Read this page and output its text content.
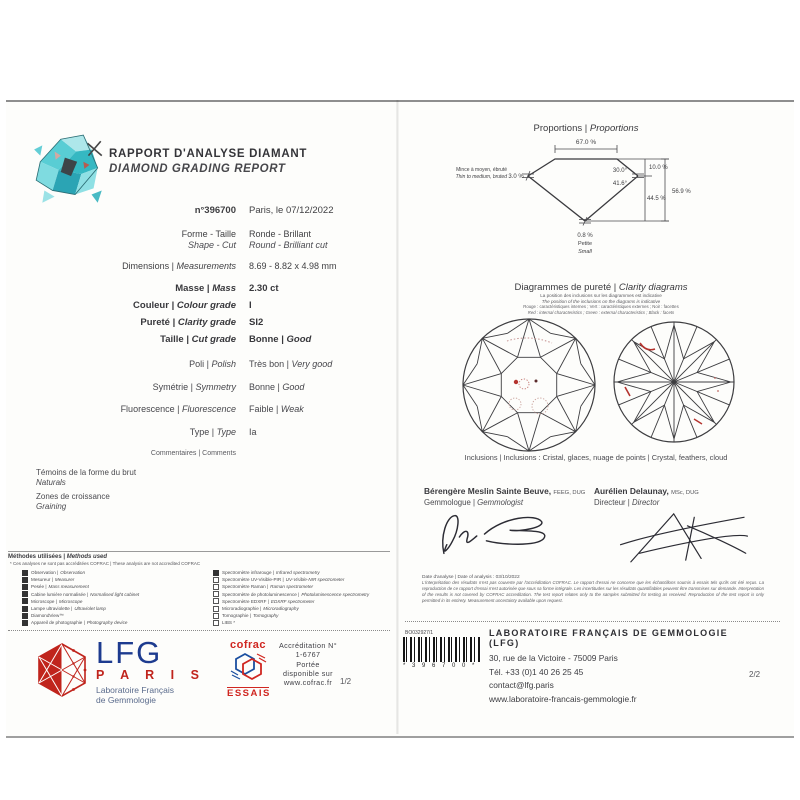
RAPPORT D'ANALYSE DIAMANT
DIAMOND GRADING REPORT
n°396700 Paris, le 07/12/2022
Forme - Taille
Shape - Cut
Ronde - Brillant
Round - Brilliant cut
Dimensions | Measurements 8.69 - 8.82 x 4.98 mm
Masse | Mass 2.30 ct
Couleur | Colour grade I
Pureté | Clarity grade SI2
Taille | Cut grade Bonne | Good
Poli | Polish Très bon | Very good
Symétrie | Symmetry Bonne | Good
Fluorescence | Fluorescence Faible | Weak
Type | Type Ia
Commentaires | Comments
Témoins de la forme du brut
Naturals
Zones de croissance
Graining
Méthodes utilisées | Methods used
* Ces analyses ne sont pas accréditées COFRAC | These analysis are not accredited COFRAC
Observation
| Observation
Mesureur
| Measurer
Pesée
| Mass measurement
Cabine lumière normalisée
| Normalised light cabinet
Microscope
| Microscope
Lampe ultraviolette
| Ultraviolet lamp
DiamondView™

Appareil de photographie
| Photography device
Spectromètre infrarouge
| Infrared spectrometry
Spectromètre UV-Visible-PIR
| UV-Visible-NIR spectrometer
Spectromètre Raman
| Raman spectrometer
Spectromètre de photoluminescence
| Photoluminescence spectrometry
Spectromètre EDXRF
| EDXRF spectrometer
Microradiographie
| Microradiography
Tomographie
| Tomography
LIBS *

LFG
P A R I S
Laboratoire Français
de Gemmologie
cofrac
ESSAIS
Accréditation N°
1-6767
Portée
disponible sur
www.cofrac.fr 1/2
Proportions | Proportions
67.0 %
30.0°
41.6°
10.0 %
44.5 %
56.9 %
Mince à moyen, ébruté
Thin to medium, bruted 3.0 %
0.8 %
Petite
Small
Diagrammes de pureté | Clarity diagrams
La position des inclusions sur les diagrammes est indicative
The position of the inclusions on the diagrams is indicative
Rouge : caractéristiques internes ; Vert : caractéristiques externes ; Noir : facettes
Red : internal characteristics ; Green : external characteristics ; Black : facets
Inclusions | Inclusions : Cristal, glaces, nuage de points | Crystal, feathers, cloud
Bérengère Meslin Sainte Beuve, FEEG, DUG
Gemmologue | Gemmologist
Aurélien Delaunay, MSc, DUG
Directeur | Director
Date d'analyse | Date of analysis : 03/10/2022
L'interprétation des résultats n'est pas couverte par l'accréditation COFRAC. Le rapport d'essai ne concerne que les échantillons soumis à essais tels qu'ils ont été reçus. La reproduction de ce rapport d'essai n'est autorisée que sous sa forme intégrale. Les incertitudes sur les résultats quantifiables peuvent être transmises sur demande. Interpretation of the results is not covered by COFRAC accreditation. The test report relates only to the samples submitted for testing as received. Reproduction of the test report is only permitted in its entirety. Measurement uncertainty available upon request.
BO032927/1
* 3 9 6 7 0 0 *
LABORATOIRE FRANÇAIS DE GEMMOLOGIE (LFG)
30, rue de la Victoire - 75009 Paris
Tél. +33 (0)1 40 26 25 45
contact@lfg.paris
www.laboratoire-francais-gemmologie.fr
2/2
